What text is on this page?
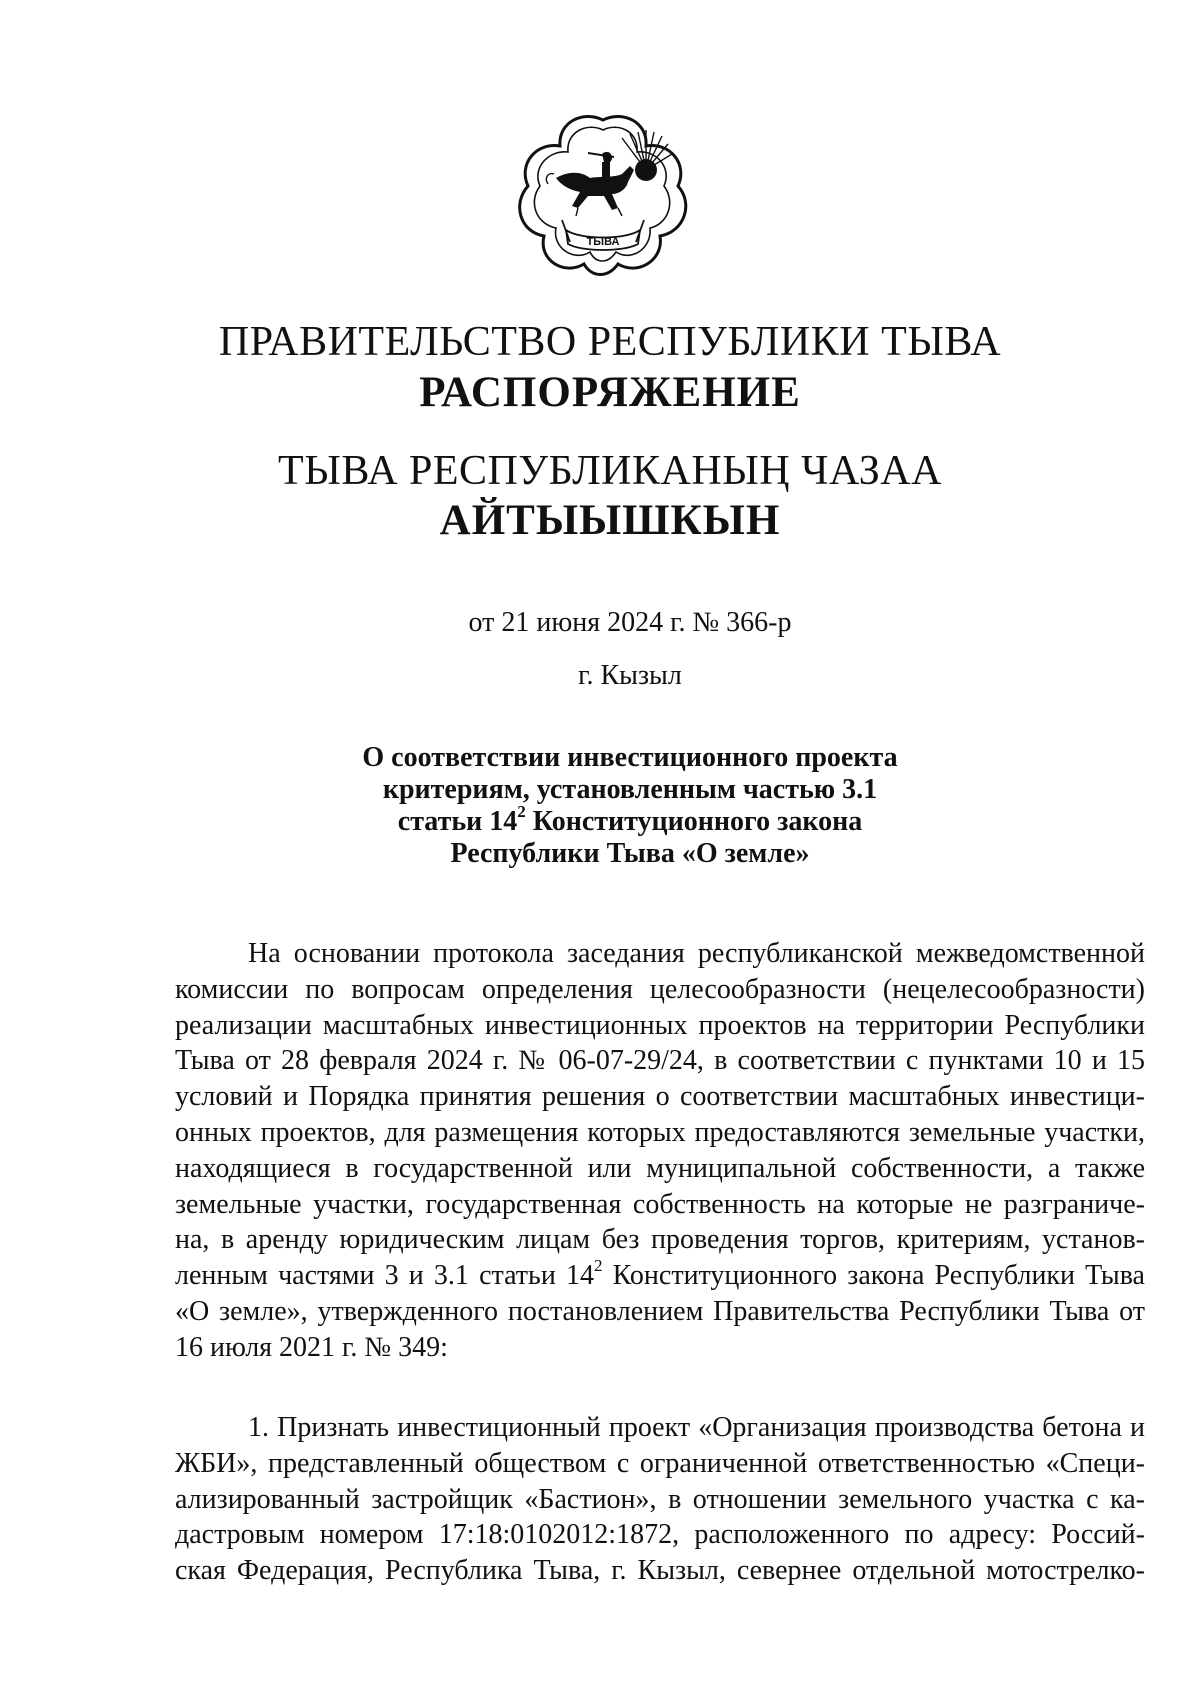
ТЫВА
ПРАВИТЕЛЬСТВО РЕСПУБЛИКИ ТЫВА
РАСПОРЯЖЕНИЕ
ТЫВА РЕСПУБЛИКАНЫҢ ЧАЗАА
АЙТЫЫШКЫН
от 21 июня 2024 г. № 366-р
г. Кызыл
О соответствии инвестиционного проекта
критериям, установленным частью 3.1
статьи $14^2$ Конституционного закона
Республики Тыва «О земле»
На основании протокола заседания республиканской межведомственной
комиссии по вопросам определения целесообразности (нецелесообразности)
реализации масштабных инвестиционных проектов на территории Республики
Тыва от 28 февраля 2024 г. № 06-07-29/24, в соответствии с пунктами 10 и 15
условий и Порядка принятия решения о соответствии масштабных инвестици-
онных проектов, для размещения которых предоставляются земельные участки,
находящиеся в государственной или муниципальной собственности, а также
земельные участки, государственная собственность на которые не разграниче-
на, в аренду юридическим лицам без проведения торгов, критериям, установ-
ленным частями 3 и 3.1 статьи $14^2$ Конституционного закона Республики Тыва
«О земле», утвержденного постановлением Правительства Республики Тыва от
16 июля 2021 г. № 349:
1. Признать инвестиционный проект «Организация производства бетона и
ЖБИ», представленный обществом с ограниченной ответственностью «Специ-
ализированный застройщик «Бастион», в отношении земельного участка с ка-
дастровым номером 17:18:0102012:1872, расположенного по адресу: Россий-
ская Федерация, Республика Тыва, г. Кызыл, севернее отдельной мотострелко-
